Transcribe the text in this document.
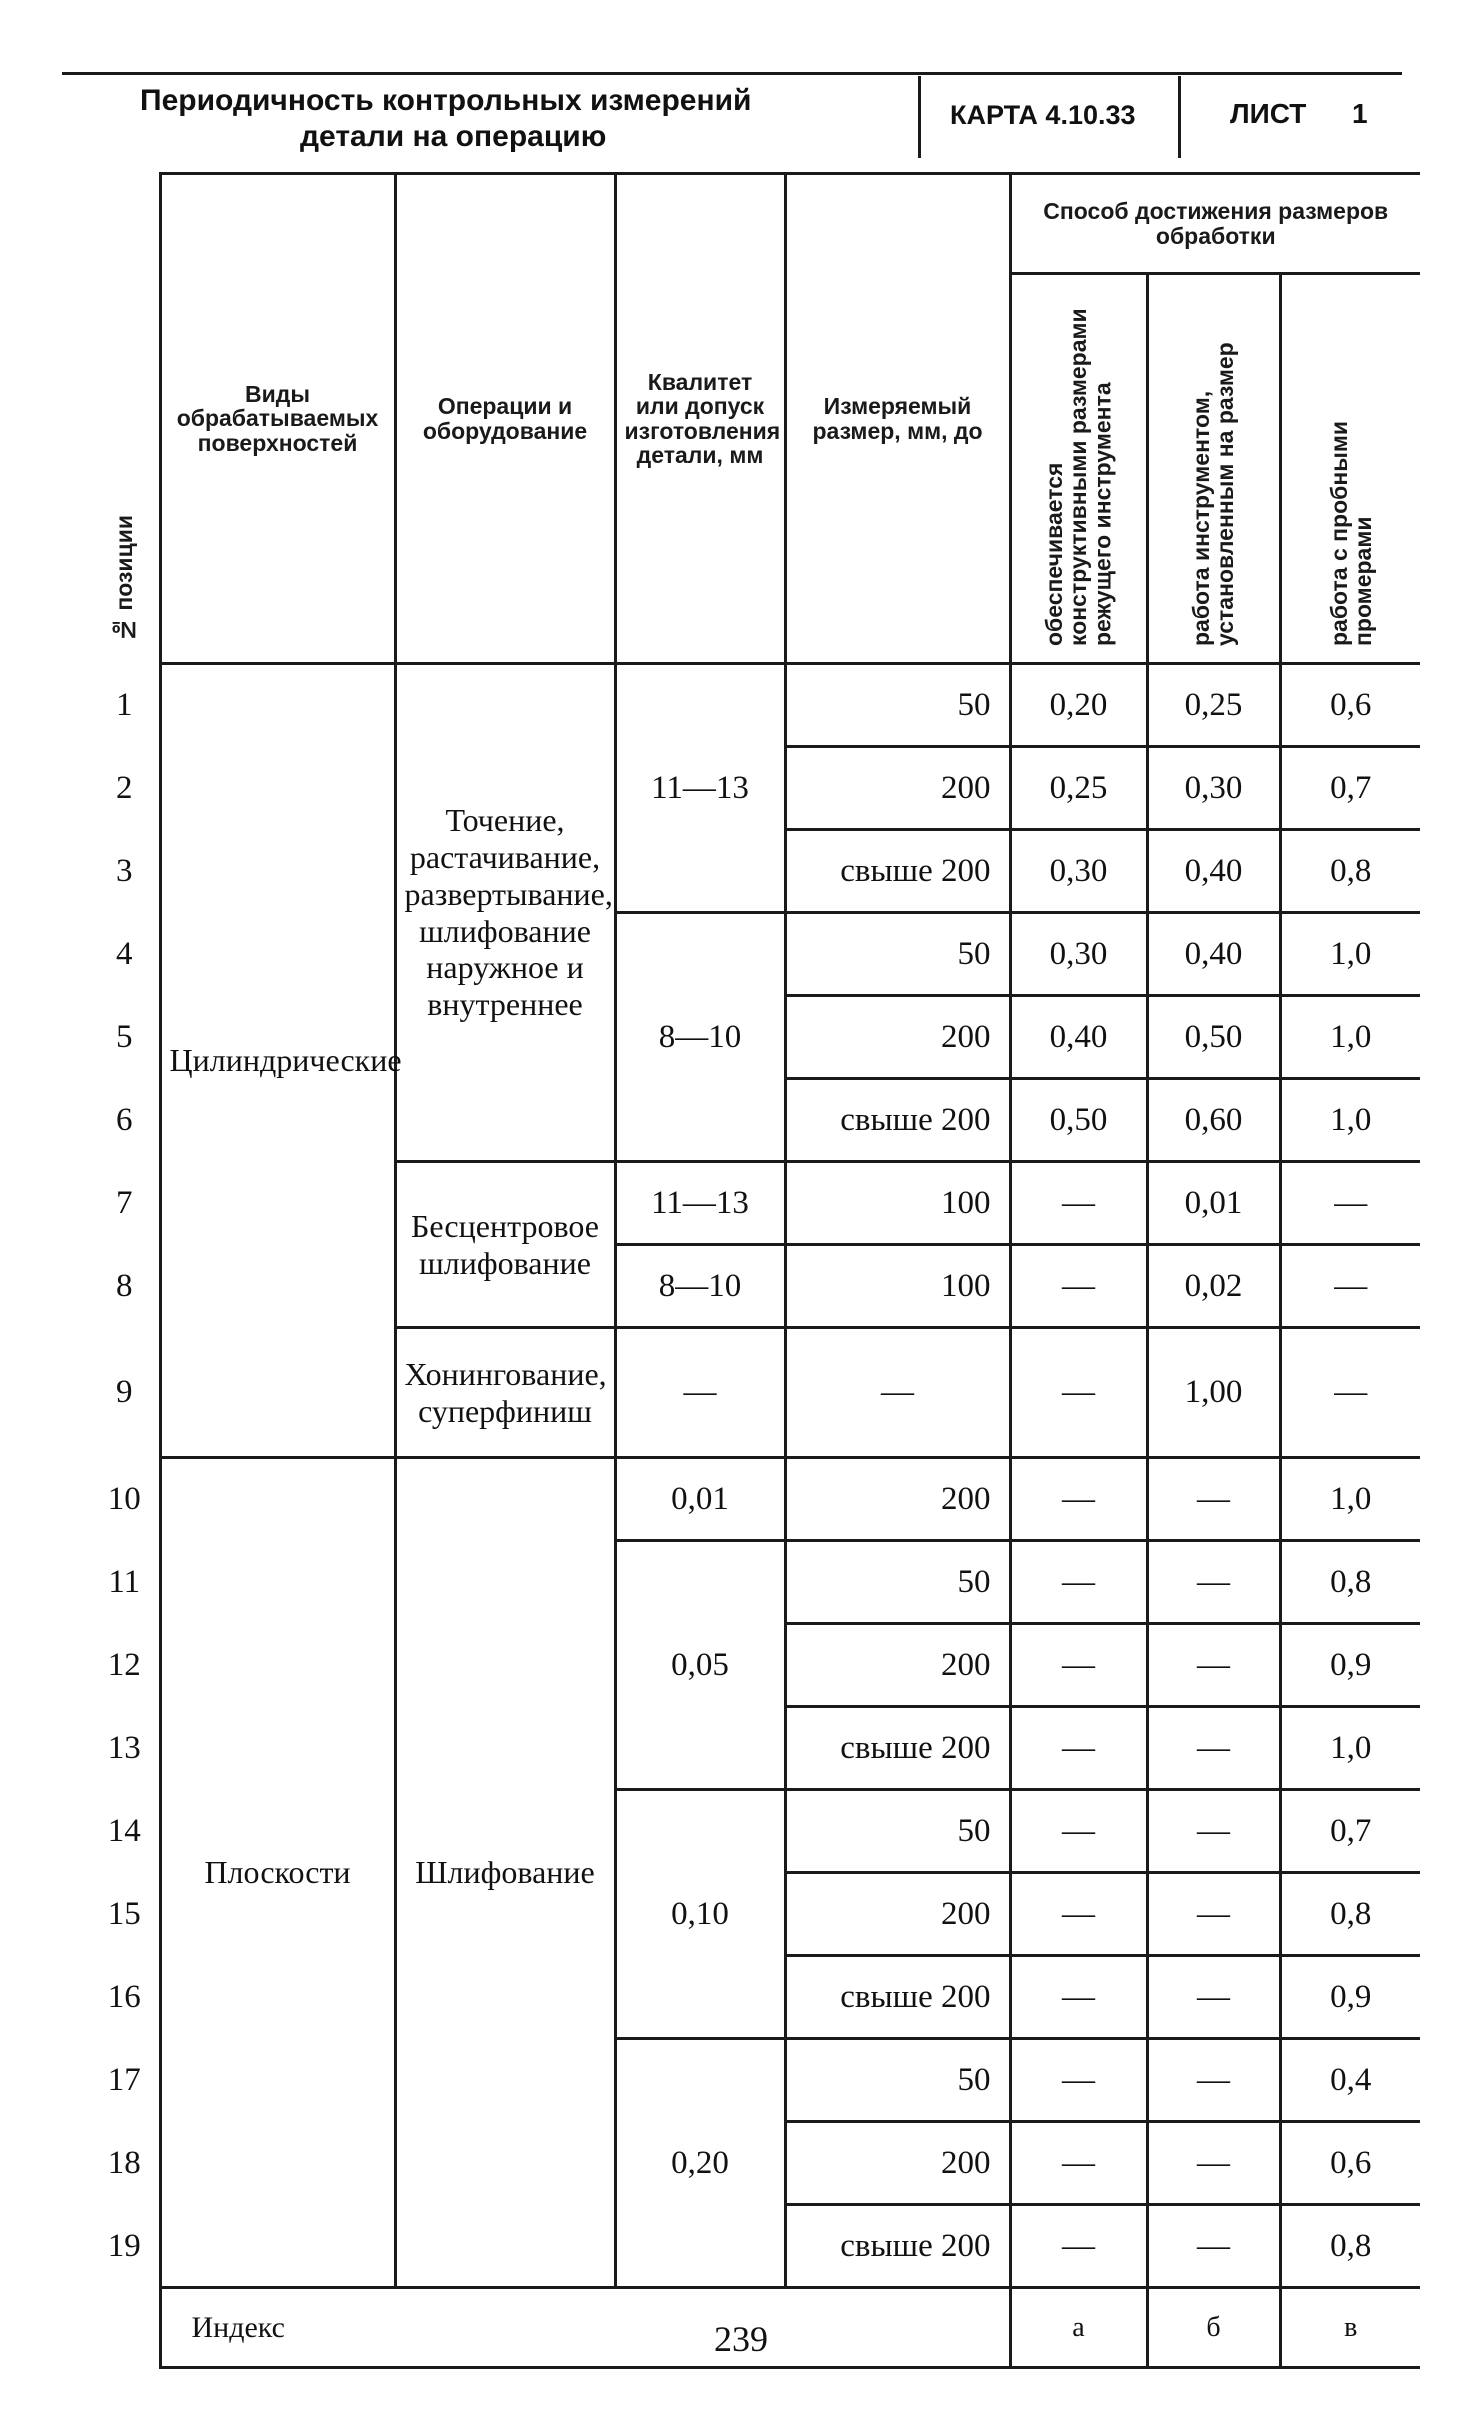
Периодичность контрольных измерений
детали на операцию
КАРТА 4.10.33	ЛИСТ 1
№ позиции	Виды обрабатываемых поверхностей	Операции и оборудование	Квалитет или допуск изготовления детали, мм	Измеряемый размер, мм, до	Способ достижения размеров обработки		
					обеспечивается конструктивными размерами режущего инструмента	работа инструментом, установленным на размер	работа с пробными промерами
1	Цилиндрические	Точение, растачивание, развертывание, шлифование наружное и внутреннее	11—13	50	0,20	0,25	0,6
2				200	0,25	0,30	0,7
3				свыше 200	0,30	0,40	0,8
4			8—10	50	0,30	0,40	1,0
5				200	0,40	0,50	1,0
6				свыше 200	0,50	0,60	1,0
7		Бесцентровое шлифование	11—13	100	—	0,01	—
8			8—10	100	—	0,02	—
9		Хонингование, суперфиниш	—	—	—	1,00	—
10	Плоскости	Шлифование	0,01	200	—	—	1,0
11			0,05	50	—	—	0,8
12				200	—	—	0,9
13				свыше 200	—	—	1,0
14			0,10	50	—	—	0,7
15				200	—	—	0,8
16				свыше 200	—	—	0,9
17			0,20	50	—	—	0,4
18				200	—	—	0,6
19				свыше 200	—	—	0,8
	Индекс				а	б	в
239
